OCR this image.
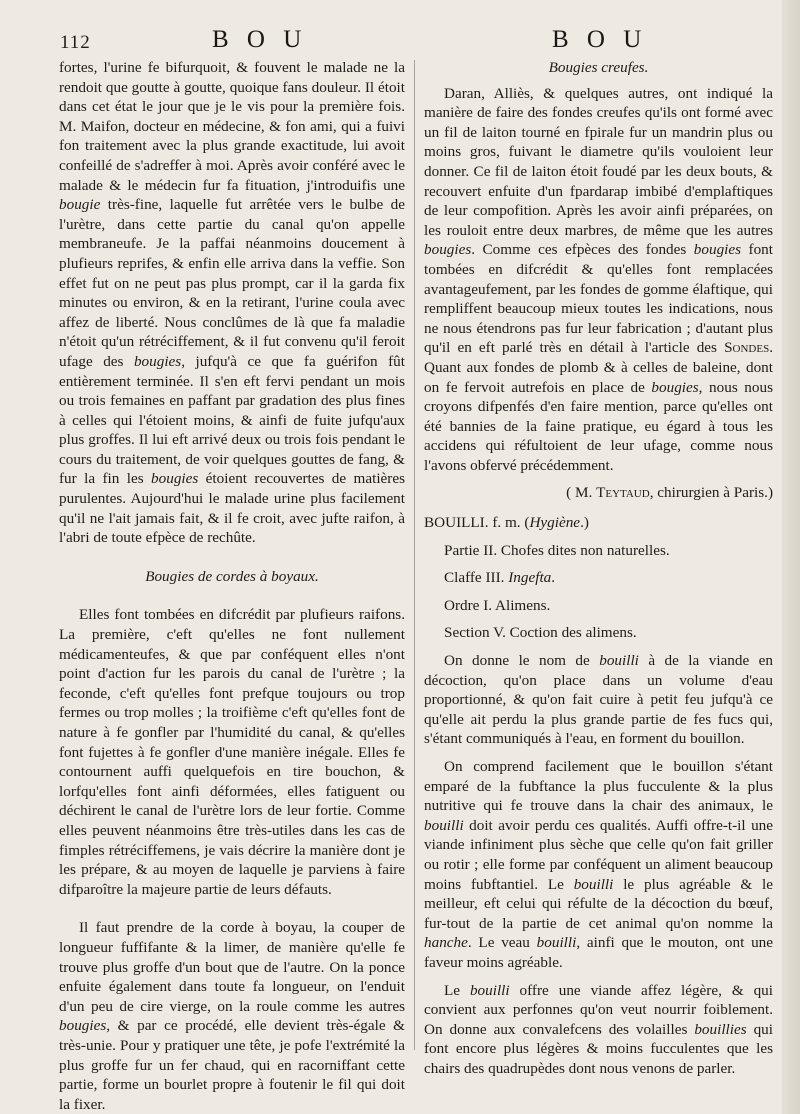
112	B O U	B O U

fortes, l'urine fe bifurquoit, & fouvent le malade ne la rendoit que goutte à goutte, quoique fans douleur. Il étoit dans cet état le jour que je le vis pour la première fois. M. Maifon, docteur en médecine, & fon ami, qui a fuivi fon traitement avec la plus grande exactitude, lui avoit confeillé de s'adreffer à moi. Après avoir conféré avec le malade & le médecin fur fa fituation, j'introduifis une bougie très-fine, laquelle fut arrêtée vers le bulbe de l'urètre, dans cette partie du canal qu'on appelle membraneufe. Je la paffai néanmoins doucement à plufieurs reprifes, & enfin elle arriva dans la veffie. Son effet fut on ne peut pas plus prompt, car il la garda fix minutes ou environ, & en la retirant, l'urine coula avec affez de liberté. Nous conclûmes de là que fa maladie n'étoit qu'un rétréciffement, & il fut convenu qu'il feroit ufage des bougies, jufqu'à ce que fa guérifon fût entièrement terminée. Il s'en eft fervi pendant un mois ou trois femaines en paffant par gradation des plus fines à celles qui l'étoient moins, & ainfi de fuite jufqu'aux plus groffes. Il lui eft arrivé deux ou trois fois pendant le cours du traitement, de voir quelques gouttes de fang, & fur la fin les bougies étoient recouvertes de matières purulentes. Aujourd'hui le malade urine plus facilement qu'il ne l'ait jamais fait, & il fe croit, avec jufte raifon, à l'abri de toute efpèce de rechûte.

Bougies de cordes à boyaux.

Elles font tombées en difcrédit par plufieurs raifons. La première, c'eft qu'elles ne font nullement médicamenteufes, & que par conféquent elles n'ont point d'action fur les parois du canal de l'urètre ; la feconde, c'eft qu'elles font prefque toujours ou trop fermes ou trop molles ; la troifième c'eft qu'elles font de nature à fe gonfler par l'humidité du canal, & qu'elles font fujettes à fe gonfler d'une manière inégale. Elles fe contournent auffi quelquefois en tire bouchon, & lorfqu'elles font ainfi déformées, elles fatiguent ou déchirent le canal de l'urètre lors de leur fortie. Comme elles peuvent néanmoins être très-utiles dans les cas de fimples rétréciffemens, je vais décrire la manière dont je les prépare, & au moyen de laquelle je parviens à faire difparoître la majeure partie de leurs défauts.

Il faut prendre de la corde à boyau, la couper de longueur fuffifante & la limer, de manière qu'elle fe trouve plus groffe d'un bout que de l'autre. On la ponce enfuite également dans toute fa longueur, on l'enduit d'un peu de cire vierge, on la roule comme les autres bougies, & par ce procédé, elle devient très-égale & très-unie. Pour y pratiquer une tête, je pofe l'extrémité la plus groffe fur un fer chaud, qui en racorniffant cette partie, forme un bourlet propre à foutenir le fil qui doit la fixer.

Bougies creufes.

Daran, Alliès, & quelques autres, ont indiqué la manière de faire des fondes creufes qu'ils ont formé avec un fil de laiton tourné en fpirale fur un mandrin plus ou moins gros, fuivant le diametre qu'ils vouloient leur donner. Ce fil de laiton étoit foudé par les deux bouts, & recouvert enfuite d'un fpardarap imbibé d'emplaftiques de leur compofition. Après les avoir ainfi préparées, on les rouloit entre deux marbres, de même que les autres bougies. Comme ces efpèces des fondes bougies font tombées en difcrédit & qu'elles font remplacées avantageufement, par les fondes de gomme élaftique, qui rempliffent beaucoup mieux toutes les indications, nous ne nous étendrons pas fur leur fabrication ; d'autant plus qu'il en eft parlé très en détail à l'article des Sondes. Quant aux fondes de plomb & à celles de baleine, dont on fe fervoit autrefois en place de bougies, nous nous croyons difpenfés d'en faire mention, parce qu'elles ont été bannies de la faine pratique, eu égard à tous les accidens qui réfultoient de leur ufage, comme nous l'avons obfervé précédemment.

( M. Teytaud, chirurgien à Paris.)

BOUILLI. f. m. (Hygiène.)

Partie II. Chofes dites non naturelles.

Claffe III. Ingefta.

Ordre I. Alimens.

Section V. Coction des alimens.

On donne le nom de bouilli à de la viande en décoction, qu'on place dans un volume d'eau proportionné, & qu'on fait cuire à petit feu jufqu'à ce qu'elle ait perdu la plus grande partie de fes fucs qui, s'étant communiqués à l'eau, en forment du bouillon.

On comprend facilement que le bouillon s'étant emparé de la fubftance la plus fucculente & la plus nutritive qui fe trouve dans la chair des animaux, le bouilli doit avoir perdu ces qualités. Auffi offre-t-il une viande infiniment plus sèche que celle qu'on fait griller ou rotir ; elle forme par conféquent un aliment beaucoup moins fubftantiel. Le bouilli le plus agréable & le meilleur, eft celui qui réfulte de la décoction du bœuf, fur-tout de la partie de cet animal qu'on nomme la hanche. Le veau bouilli, ainfi que le mouton, ont une faveur moins agréable.

Le bouilli offre une viande affez légère, & qui convient aux perfonnes qu'on veut nourrir foiblement. On donne aux convalefcens des volailles bouillies qui font encore plus légères & moins fucculentes que les chairs des quadrupèdes dont nous venons de parler.
